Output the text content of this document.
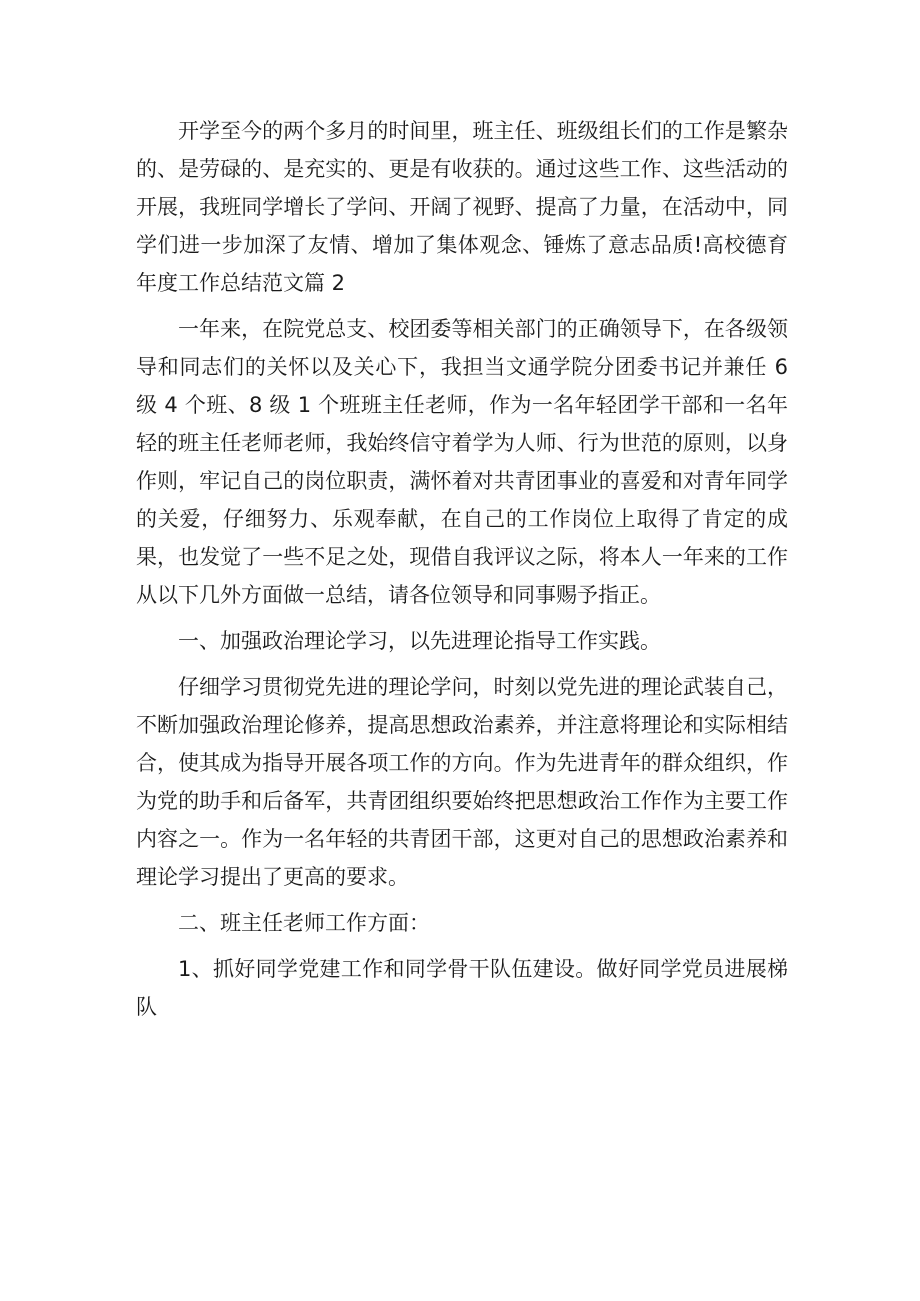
开学至今的两个多月的时间里，班主任、班级组长们的工作是繁杂的、是劳碌的、是充实的、更是有收获的。通过这些工作、这些活动的开展，我班同学增长了学问、开阔了视野、提高了力量，在活动中，同学们进一步加深了友情、增加了集体观念、锤炼了意志品质!高校德育年度工作总结范文篇 2

一年来，在院党总支、校团委等相关部门的正确领导下，在各级领导和同志们的关怀以及关心下，我担当文通学院分团委书记并兼任 6 级 4 个班、8 级 1 个班班主任老师，作为一名年轻团学干部和一名年轻的班主任老师老师，我始终信守着学为人师、行为世范的原则，以身作则，牢记自己的岗位职责，满怀着对共青团事业的喜爱和对青年同学的关爱，仔细努力、乐观奉献，在自己的工作岗位上取得了肯定的成果，也发觉了一些不足之处，现借自我评议之际，将本人一年来的工作从以下几外方面做一总结，请各位领导和同事赐予指正。

一、加强政治理论学习，以先进理论指导工作实践。

仔细学习贯彻党先进的理论学问，时刻以党先进的理论武装自己，不断加强政治理论修养，提高思想政治素养，并注意将理论和实际相结合，使其成为指导开展各项工作的方向。作为先进青年的群众组织，作为党的助手和后备军，共青团组织要始终把思想政治工作作为主要工作内容之一。作为一名年轻的共青团干部，这更对自己的思想政治素养和理论学习提出了更高的要求。

二、班主任老师工作方面：

1、抓好同学党建工作和同学骨干队伍建设。做好同学党员进展梯队
